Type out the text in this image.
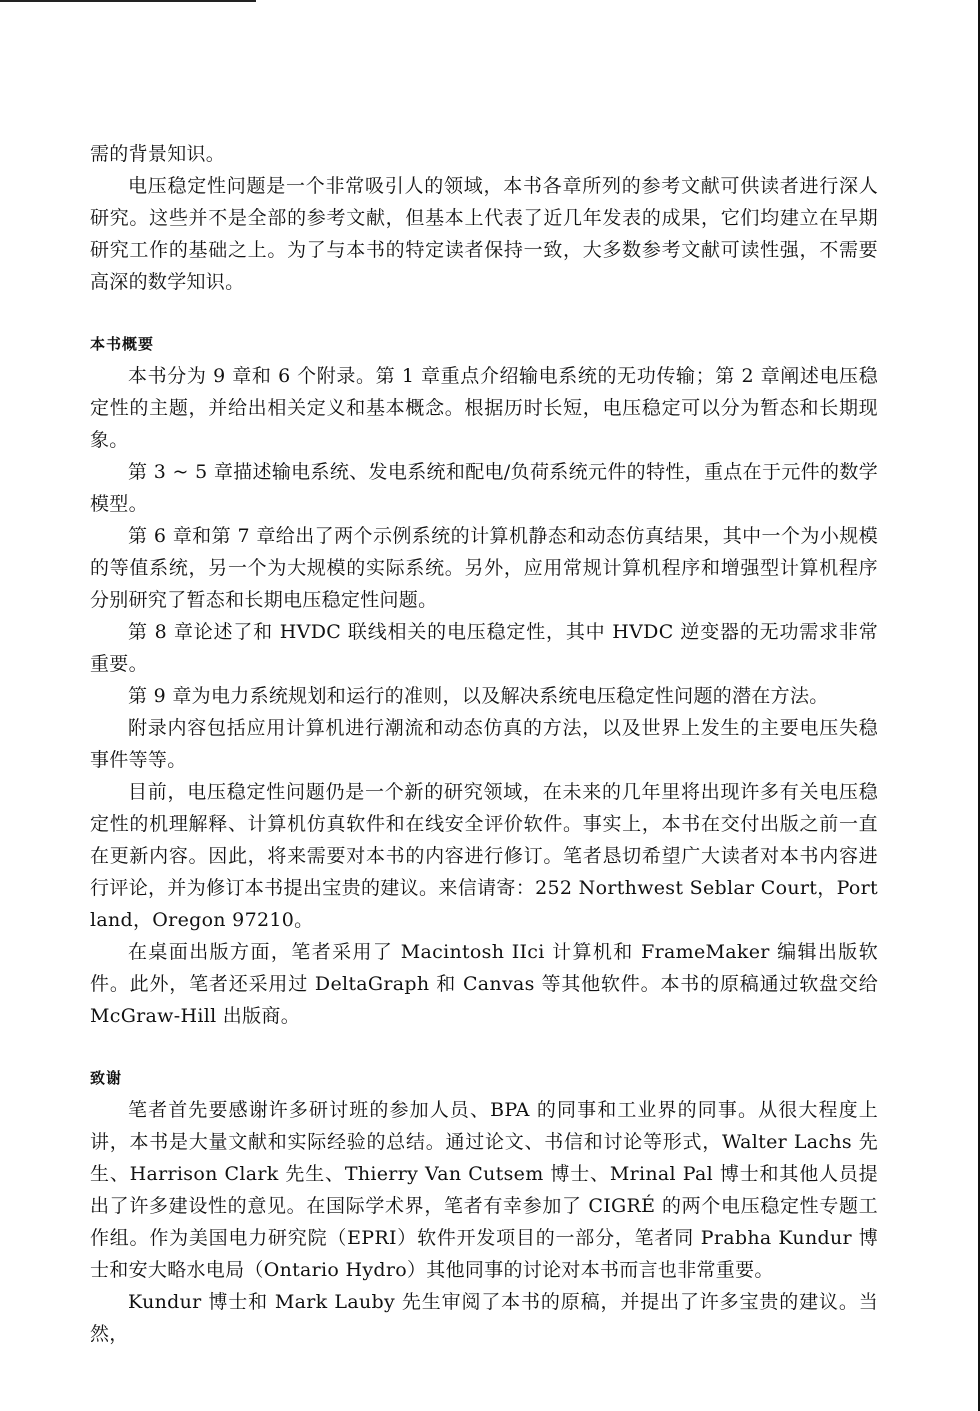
需的背景知识。

电压稳定性问题是一个非常吸引人的领域，本书各章所列的参考文献可供读者进行深人研究。这些并不是全部的参考文献，但基本上代表了近几年发表的成果，它们均建立在早期研究工作的基础之上。为了与本书的特定读者保持一致，大多数参考文献可读性强，不需要高深的数学知识。

本书概要

本书分为 9 章和 6 个附录。第 1 章重点介绍输电系统的无功传输；第 2 章阐述电压稳定性的主题，并给出相关定义和基本概念。根据历时长短，电压稳定可以分为暂态和长期现象。

第 3 ~ 5 章描述输电系统、发电系统和配电/负荷系统元件的特性，重点在于元件的数学模型。

第 6 章和第 7 章给出了两个示例系统的计算机静态和动态仿真结果，其中一个为小规模的等值系统，另一个为大规模的实际系统。另外，应用常规计算机程序和增强型计算机程序分别研究了暂态和长期电压稳定性问题。

第 8 章论述了和 HVDC 联线相关的电压稳定性，其中 HVDC 逆变器的无功需求非常重要。

第 9 章为电力系统规划和运行的准则，以及解决系统电压稳定性问题的潜在方法。

附录内容包括应用计算机进行潮流和动态仿真的方法，以及世界上发生的主要电压失稳事件等等。

目前，电压稳定性问题仍是一个新的研究领域，在未来的几年里将出现许多有关电压稳定性的机理解释、计算机仿真软件和在线安全评价软件。事实上，本书在交付出版之前一直在更新内容。因此，将来需要对本书的内容进行修订。笔者恳切希望广大读者对本书内容进行评论，并为修订本书提出宝贵的建议。来信请寄：252 Northwest Seblar Court，Portland，Oregon 97210。

在桌面出版方面，笔者采用了 Macintosh IIci 计算机和 FrameMaker 编辑出版软件。此外，笔者还采用过 DeltaGraph 和 Canvas 等其他软件。本书的原稿通过软盘交给 McGraw-Hill 出版商。

致谢

笔者首先要感谢许多研讨班的参加人员、BPA 的同事和工业界的同事。从很大程度上讲，本书是大量文献和实际经验的总结。通过论文、书信和讨论等形式，Walter Lachs 先生、Harrison Clark 先生、Thierry Van Cutsem 博士、Mrinal Pal 博士和其他人员提出了许多建设性的意见。在国际学术界，笔者有幸参加了 CIGRÉ 的两个电压稳定性专题工作组。作为美国电力研究院（EPRI）软件开发项目的一部分，笔者同 Prabha Kundur 博士和安大略水电局（Ontario Hydro）其他同事的讨论对本书而言也非常重要。

Kundur 博士和 Mark Lauby 先生审阅了本书的原稿，并提出了许多宝贵的建议。当然，
